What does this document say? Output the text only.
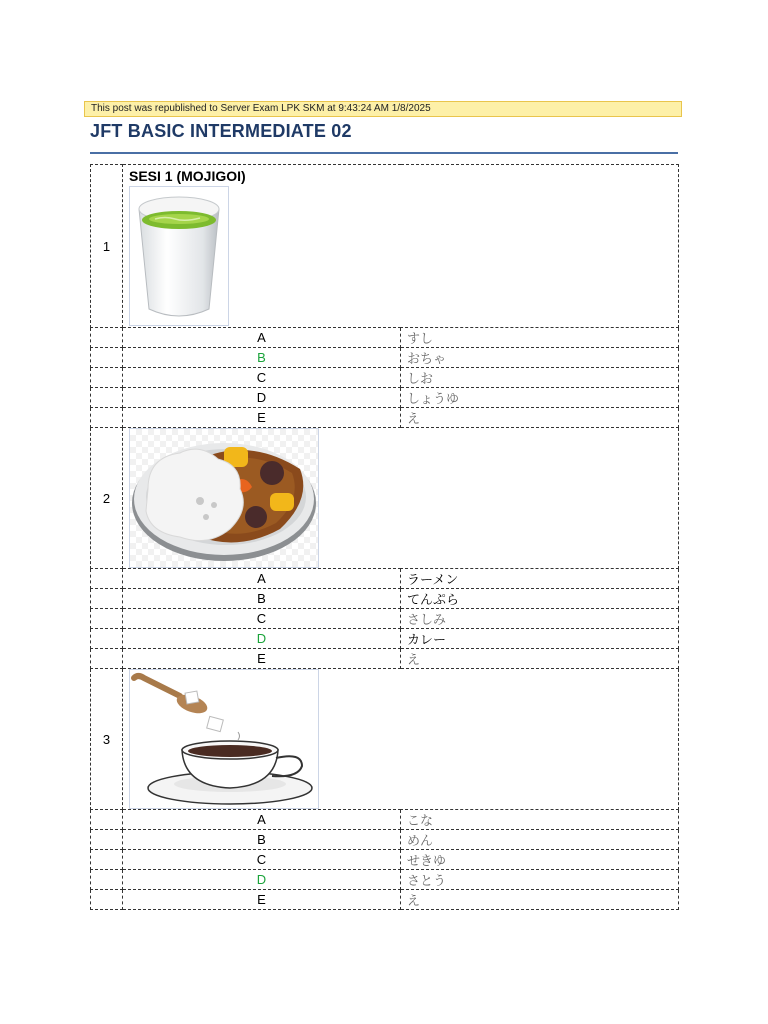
This post was republished to Server Exam LPK SKM at 9:43:24 AM 1/8/2025
JFT BASIC INTERMEDIATE 02
1	SESI 1 (MOJIGOI)	

	A	すし
	B	おちゃ
	C	しお
	D	しょうゆ
	E	え
2	

	A	ラーメン
	B	てんぷら
	C	さしみ
	D	カレー
	E	え
3	

	A	こな
	B	めん
	C	せきゆ
	D	さとう
	E	え
